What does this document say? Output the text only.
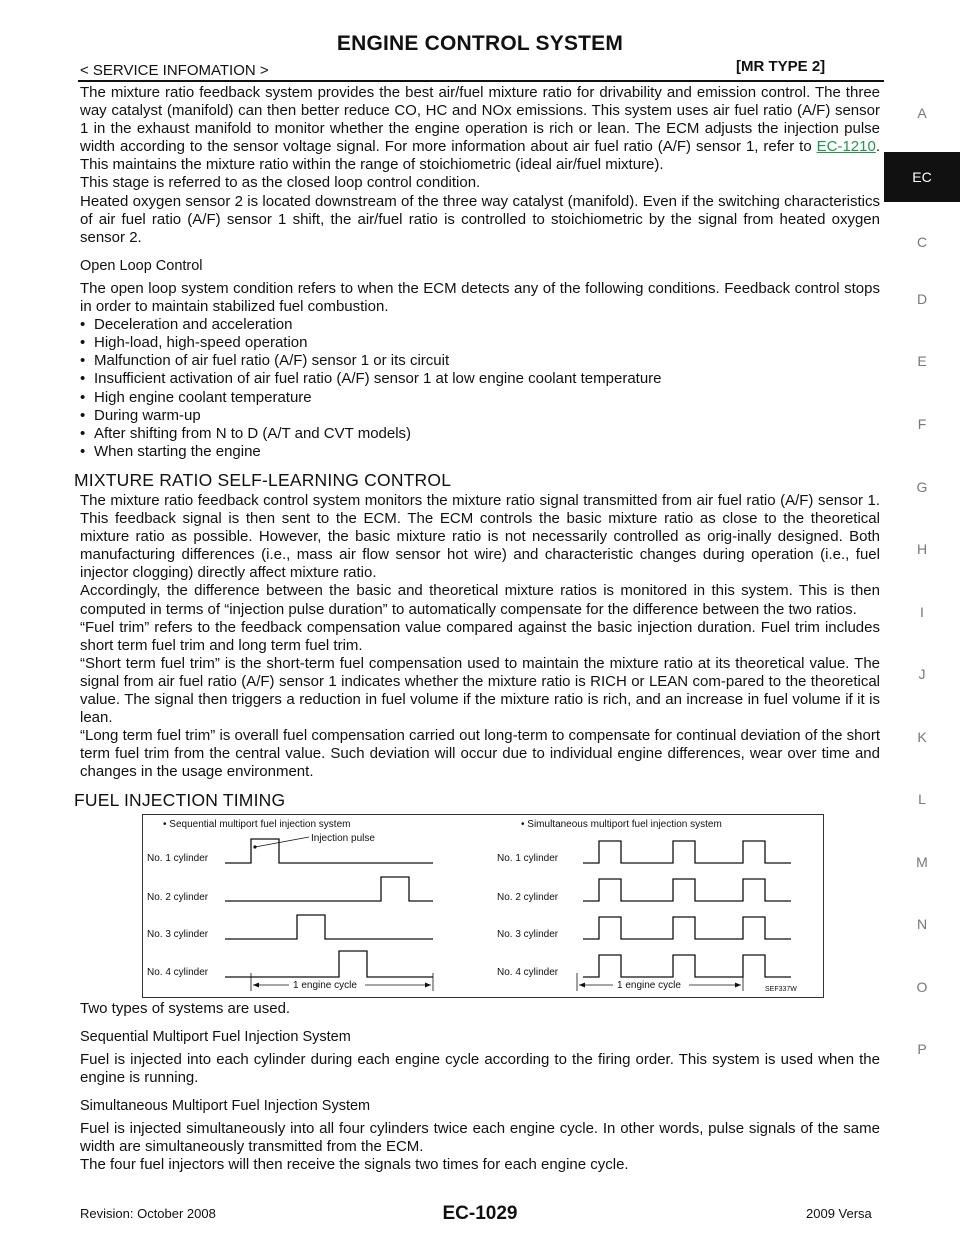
ENGINE CONTROL SYSTEM
< SERVICE INFOMATION >	[MR TYPE 2]
A
EC
C
D
E
F
G
H
I
J
K
L
M
N
O
P

The mixture ratio feedback system provides the best air/fuel mixture ratio for drivability and emission control. The three way catalyst (manifold) can then better reduce CO, HC and NOx emissions. This system uses air fuel ratio (A/F) sensor 1 in the exhaust manifold to monitor whether the engine operation is rich or lean. The ECM adjusts the injection pulse width according to the sensor voltage signal. For more information about air fuel ratio (A/F) sensor 1, refer to EC-1210. This maintains the mixture ratio within the range of stoichiometric (ideal air/fuel mixture).

This stage is referred to as the closed loop control condition.

Heated oxygen sensor 2 is located downstream of the three way catalyst (manifold). Even if the switching characteristics of air fuel ratio (A/F) sensor 1 shift, the air/fuel ratio is controlled to stoichiometric by the signal from heated oxygen sensor 2.

Open Loop Control

The open loop system condition refers to when the ECM detects any of the following conditions. Feedback control stops in order to maintain stabilized fuel combustion.

• Deceleration and acceleration
• High-load, high-speed operation
• Malfunction of air fuel ratio (A/F) sensor 1 or its circuit
• Insufficient activation of air fuel ratio (A/F) sensor 1 at low engine coolant temperature
• High engine coolant temperature
• During warm-up
• After shifting from N to D (A/T and CVT models)
• When starting the engine
MIXTURE RATIO SELF-LEARNING CONTROL

The mixture ratio feedback control system monitors the mixture ratio signal transmitted from air fuel ratio (A/F) sensor 1. This feedback signal is then sent to the ECM. The ECM controls the basic mixture ratio as close to the theoretical mixture ratio as possible. However, the basic mixture ratio is not necessarily controlled as orig-inally designed. Both manufacturing differences (i.e., mass air flow sensor hot wire) and characteristic changes during operation (i.e., fuel injector clogging) directly affect mixture ratio.

Accordingly, the difference between the basic and theoretical mixture ratios is monitored in this system. This is then computed in terms of “injection pulse duration” to automatically compensate for the difference between the two ratios.

“Fuel trim” refers to the feedback compensation value compared against the basic injection duration. Fuel trim includes short term fuel trim and long term fuel trim.

“Short term fuel trim” is the short-term fuel compensation used to maintain the mixture ratio at its theoretical value. The signal from air fuel ratio (A/F) sensor 1 indicates whether the mixture ratio is RICH or LEAN com-pared to the theoretical value. The signal then triggers a reduction in fuel volume if the mixture ratio is rich, and an increase in fuel volume if it is lean.

“Long term fuel trim” is overall fuel compensation carried out long-term to compensate for continual deviation of the short term fuel trim from the central value. Such deviation will occur due to individual engine differences, wear over time and changes in the usage environment.

FUEL INJECTION TIMING
• Sequential multiport fuel injection system	• Simultaneous multiport fuel injection system
Injection pulse
No. 1 cylinder
No. 2 cylinder
No. 3 cylinder
No. 4 cylinder
1 engine cycle
No. 1 cylinder
No. 2 cylinder
No. 3 cylinder
No. 4 cylinder
1 engine cycle	SEF337W

Two types of systems are used.

Sequential Multiport Fuel Injection System

Fuel is injected into each cylinder during each engine cycle according to the firing order. This system is used when the engine is running.

Simultaneous Multiport Fuel Injection System

Fuel is injected simultaneously into all four cylinders twice each engine cycle. In other words, pulse signals of the same width are simultaneously transmitted from the ECM.

The four fuel injectors will then receive the signals two times for each engine cycle.

Revision: October 2008	EC-1029	2009 Versa
